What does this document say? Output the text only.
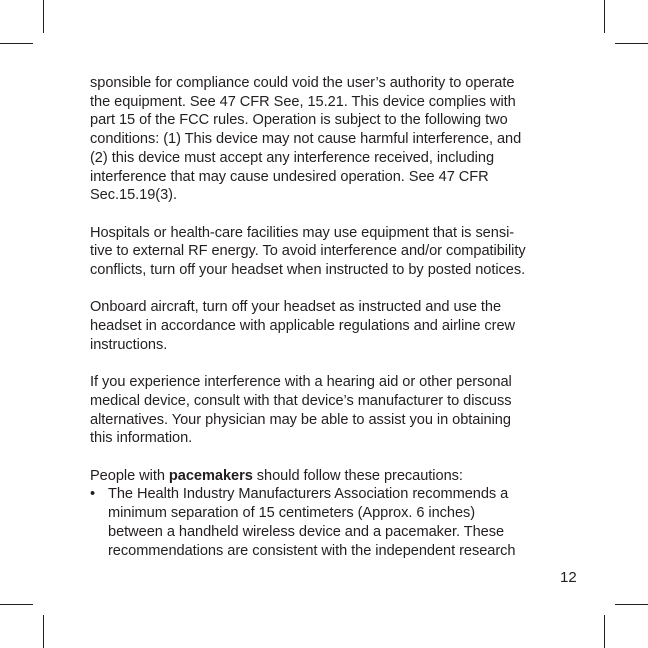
sponsible for compliance could void the user’s authority to operate
the equipment. See 47 CFR See, 15.21. This device complies with
part 15 of the FCC rules. Operation is subject to the following two
conditions: (1) This device may not cause harmful interference, and
(2) this device must accept any interference received, including
interference that may cause undesired operation. See 47 CFR
Sec.15.19(3).

Hospitals or health-care facilities may use equipment that is sensi-
tive to external RF energy. To avoid interference and/or compatibility
conflicts, turn off your headset when instructed to by posted notices.

Onboard aircraft, turn off your headset as instructed and use the
headset in accordance with applicable regulations and airline crew
instructions.

If you experience interference with a hearing aid or other personal
medical device, consult with that device’s manufacturer to discuss
alternatives. Your physician may be able to assist you in obtaining
this information.

People with pacemakers should follow these precautions:
• The Health Industry Manufacturers Association recommends a
minimum separation of 15 centimeters (Approx. 6 inches)
between a handheld wireless device and a pacemaker. These
recommendations are consistent with the independent research
12
